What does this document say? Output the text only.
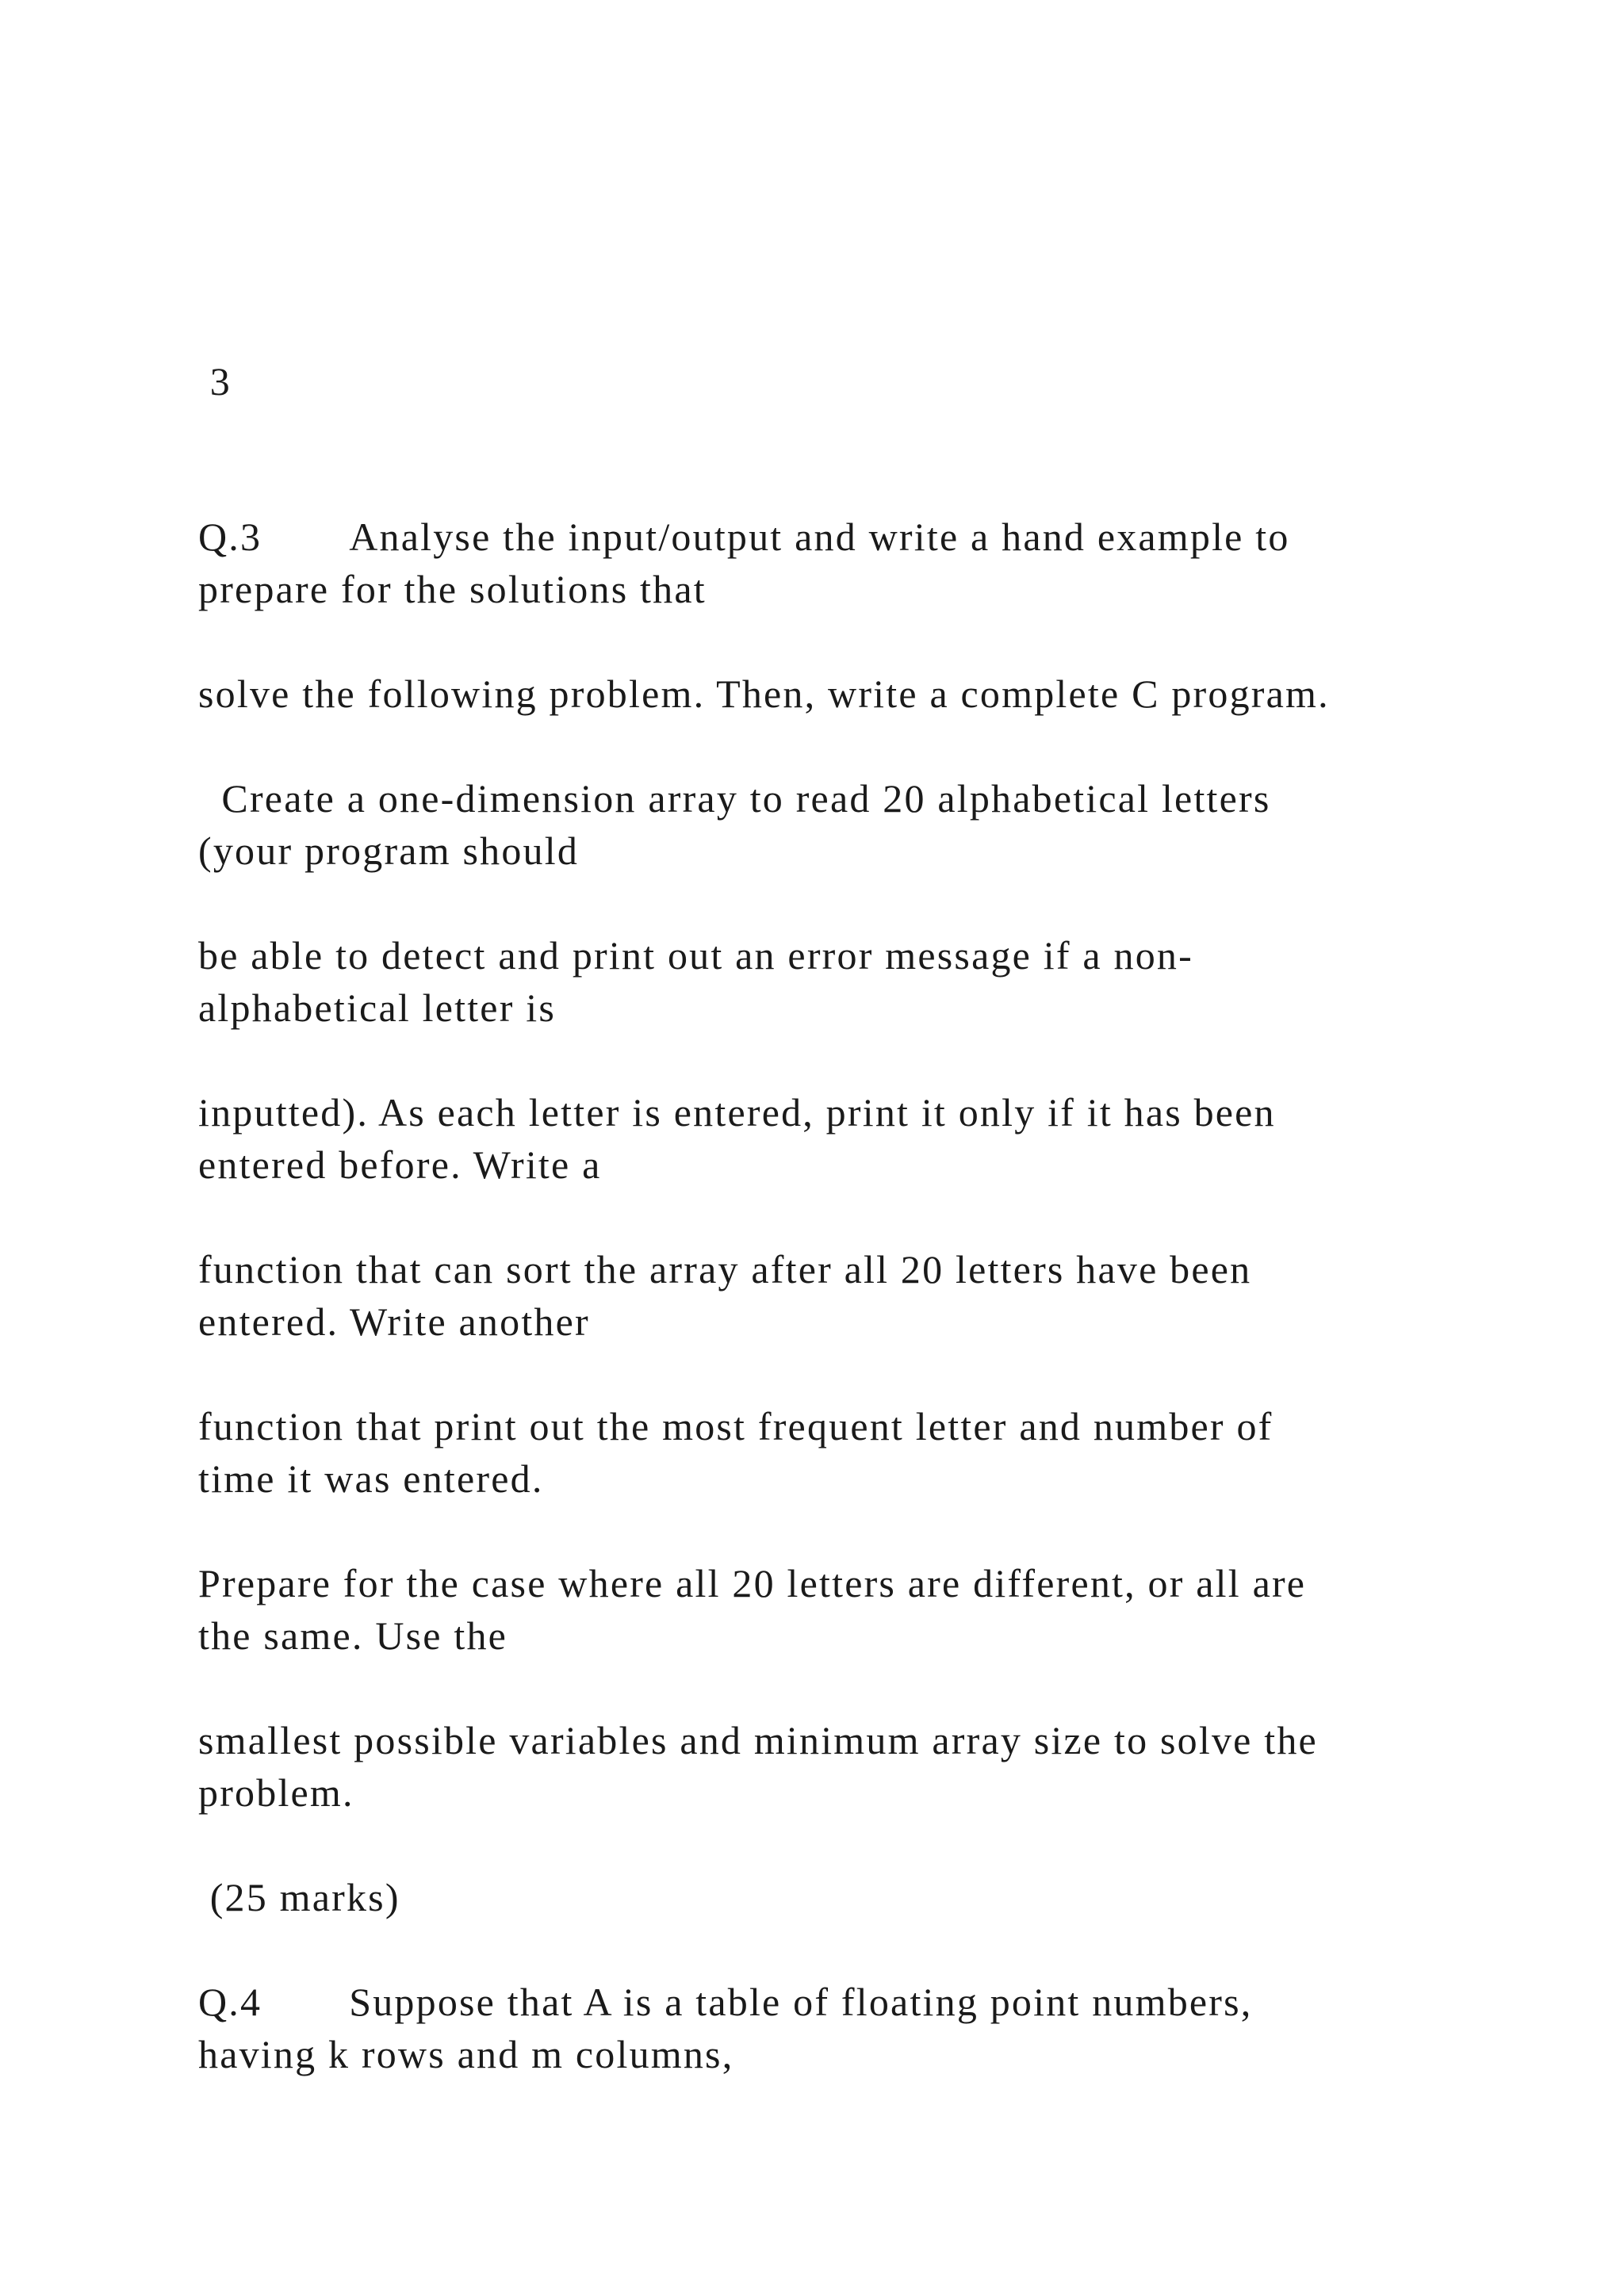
3
Q.3 Analyse the input/output and write a hand example to
prepare for the solutions that
solve the following problem. Then, write a complete C program.
Create a one-dimension array to read 20 alphabetical letters
(your program should
be able to detect and print out an error message if a non-
alphabetical letter is
inputted). As each letter is entered, print it only if it has been
entered before. Write a
function that can sort the array after all 20 letters have been
entered. Write another
function that print out the most frequent letter and number of
time it was entered.
Prepare for the case where all 20 letters are different, or all are
the same. Use the
smallest possible variables and minimum array size to solve the
problem.
(25 marks)
Q.4 Suppose that A is a table of floating point numbers,
having k rows and m columns,
